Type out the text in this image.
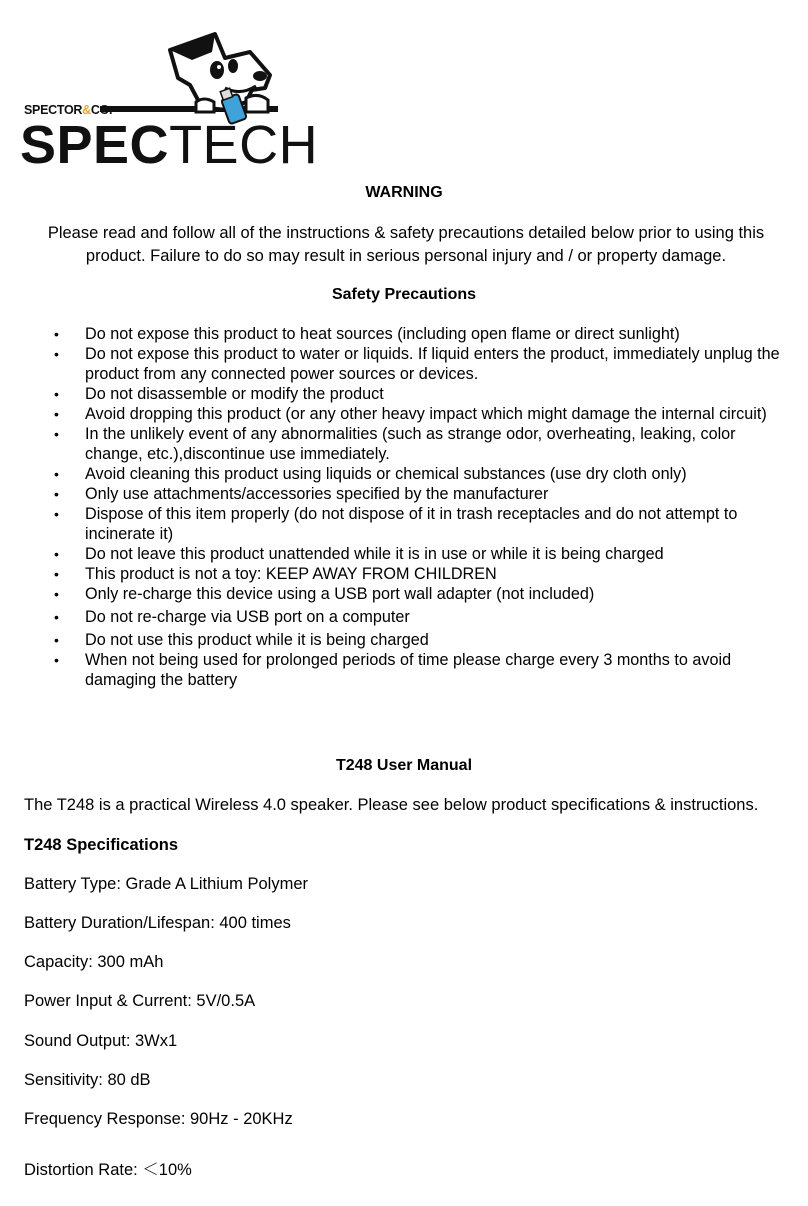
SPECTOR&CO.
SPECTECH
WARNING
Please read and follow all of the instructions & safety precautions detailed below prior to using this product. Failure to do so may result in serious personal injury and / or property damage.
Safety Precautions
• Do not expose this product to heat sources (including open flame or direct sunlight)
• Do not expose this product to water or liquids. If liquid enters the product, immediately unplug the product from any connected power sources or devices.
• Do not disassemble or modify the product
• Avoid dropping this product (or any other heavy impact which might damage the internal circuit)
• In the unlikely event of any abnormalities (such as strange odor, overheating, leaking, color change, etc.),discontinue use immediately.
• Avoid cleaning this product using liquids or chemical substances (use dry cloth only)
• Only use attachments/accessories specified by the manufacturer
• Dispose of this item properly (do not dispose of it in trash receptacles and do not attempt to incinerate it)
• Do not leave this product unattended while it is in use or while it is being charged
• This product is not a toy: KEEP AWAY FROM CHILDREN
• Only re-charge this device using a USB port wall adapter (not included)
• Do not re-charge via USB port on a computer
• Do not use this product while it is being charged
• When not being used for prolonged periods of time please charge every 3 months to avoid damaging the battery
T248 User Manual
The T248 is a practical Wireless 4.0 speaker. Please see below product specifications & instructions.
T248 Specifications
Battery Type: Grade A Lithium Polymer
Battery Duration/Lifespan: 400 times
Capacity: 300 mAh
Power Input & Current: 5V/0.5A
Sound Output: 3Wx1
Sensitivity: 80 dB
Frequency Response: 90Hz - 20KHz
Distortion Rate: ＜10%
